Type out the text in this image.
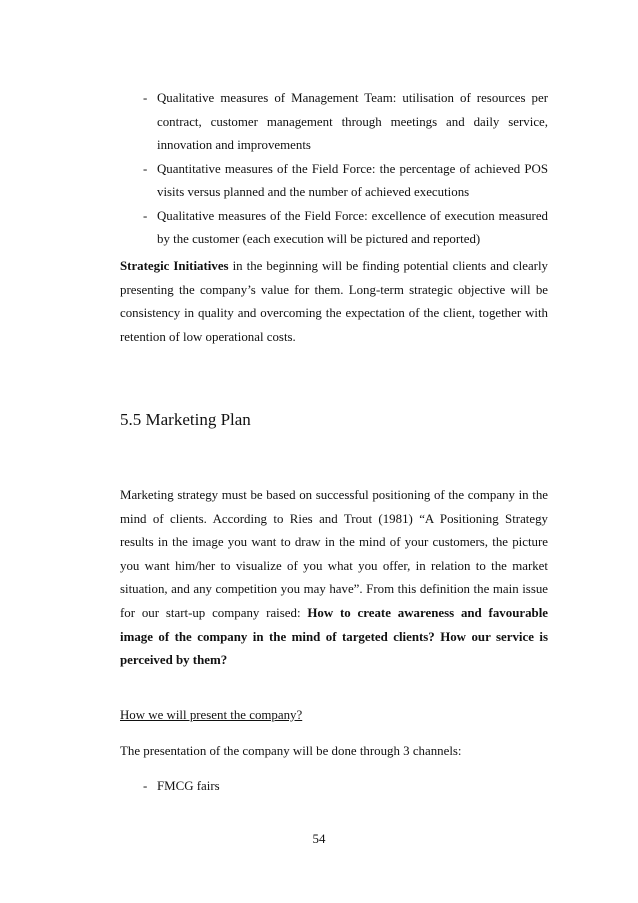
- Qualitative measures of Management Team: utilisation of resources per contract, customer management through meetings and daily service, innovation and improvements
- Quantitative measures of the Field Force: the percentage of achieved POS visits versus planned and the number of achieved executions
- Qualitative measures of the Field Force: excellence of execution measured by the customer (each execution will be pictured and reported)

Strategic Initiatives in the beginning will be finding potential clients and clearly presenting the company’s value for them. Long-term strategic objective will be consistency in quality and overcoming the expectation of the client, together with retention of low operational costs.

5.5 Marketing Plan

Marketing strategy must be based on successful positioning of the company in the mind of clients. According to Ries and Trout (1981) “A Positioning Strategy results in the image you want to draw in the mind of your customers, the picture you want him/her to visualize of you what you offer, in relation to the market situation, and any competition you may have”. From this definition the main issue for our start-up company raised: How to create awareness and favourable image of the company in the mind of targeted clients? How our service is perceived by them?

How we will present the company?

The presentation of the company will be done through 3 channels:

- FMCG fairs
54
